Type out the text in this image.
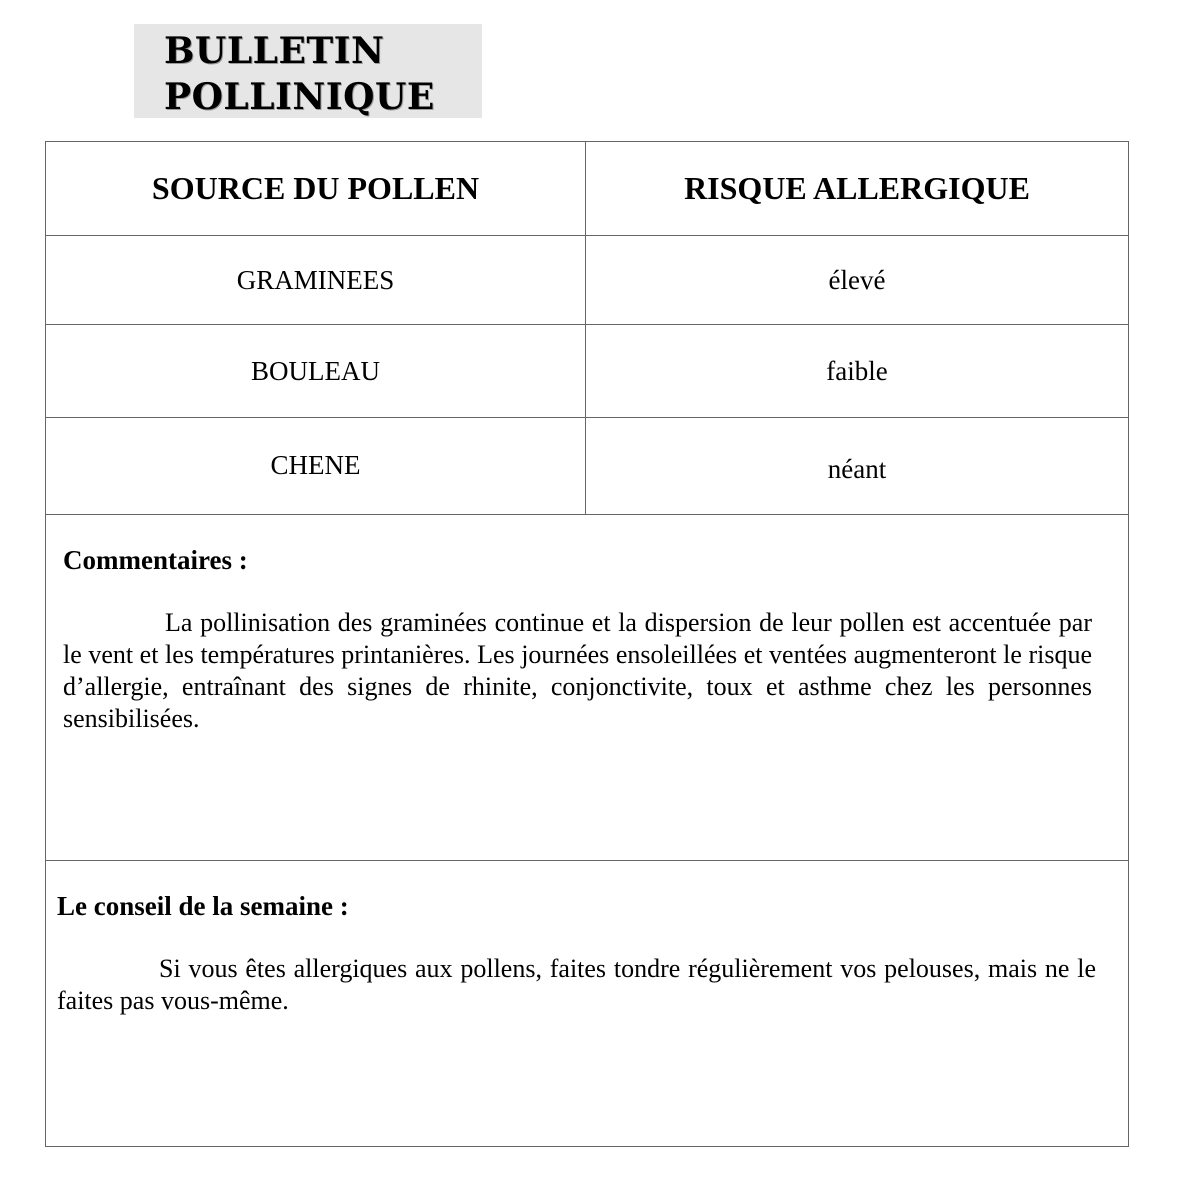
BULLETIN
POLLINIQUE
SOURCE DU POLLEN	RISQUE ALLERGIQUE
GRAMINEES	élevé
BOULEAU	faible
CHENE	néant

Commentaires :

La pollinisation des graminées continue et la dispersion de leur pollen est accentuée par le vent et les températures printanières. Les journées ensoleillées et ventées augmenteront le risque d’allergie, entraînant des signes de rhinite, conjonctivite, toux et asthme chez les personnes sensibilisées.

Le conseil de la semaine :

Si vous êtes allergiques aux pollens, faites tondre régulièrement vos pelouses, mais ne le faites pas vous-même.
